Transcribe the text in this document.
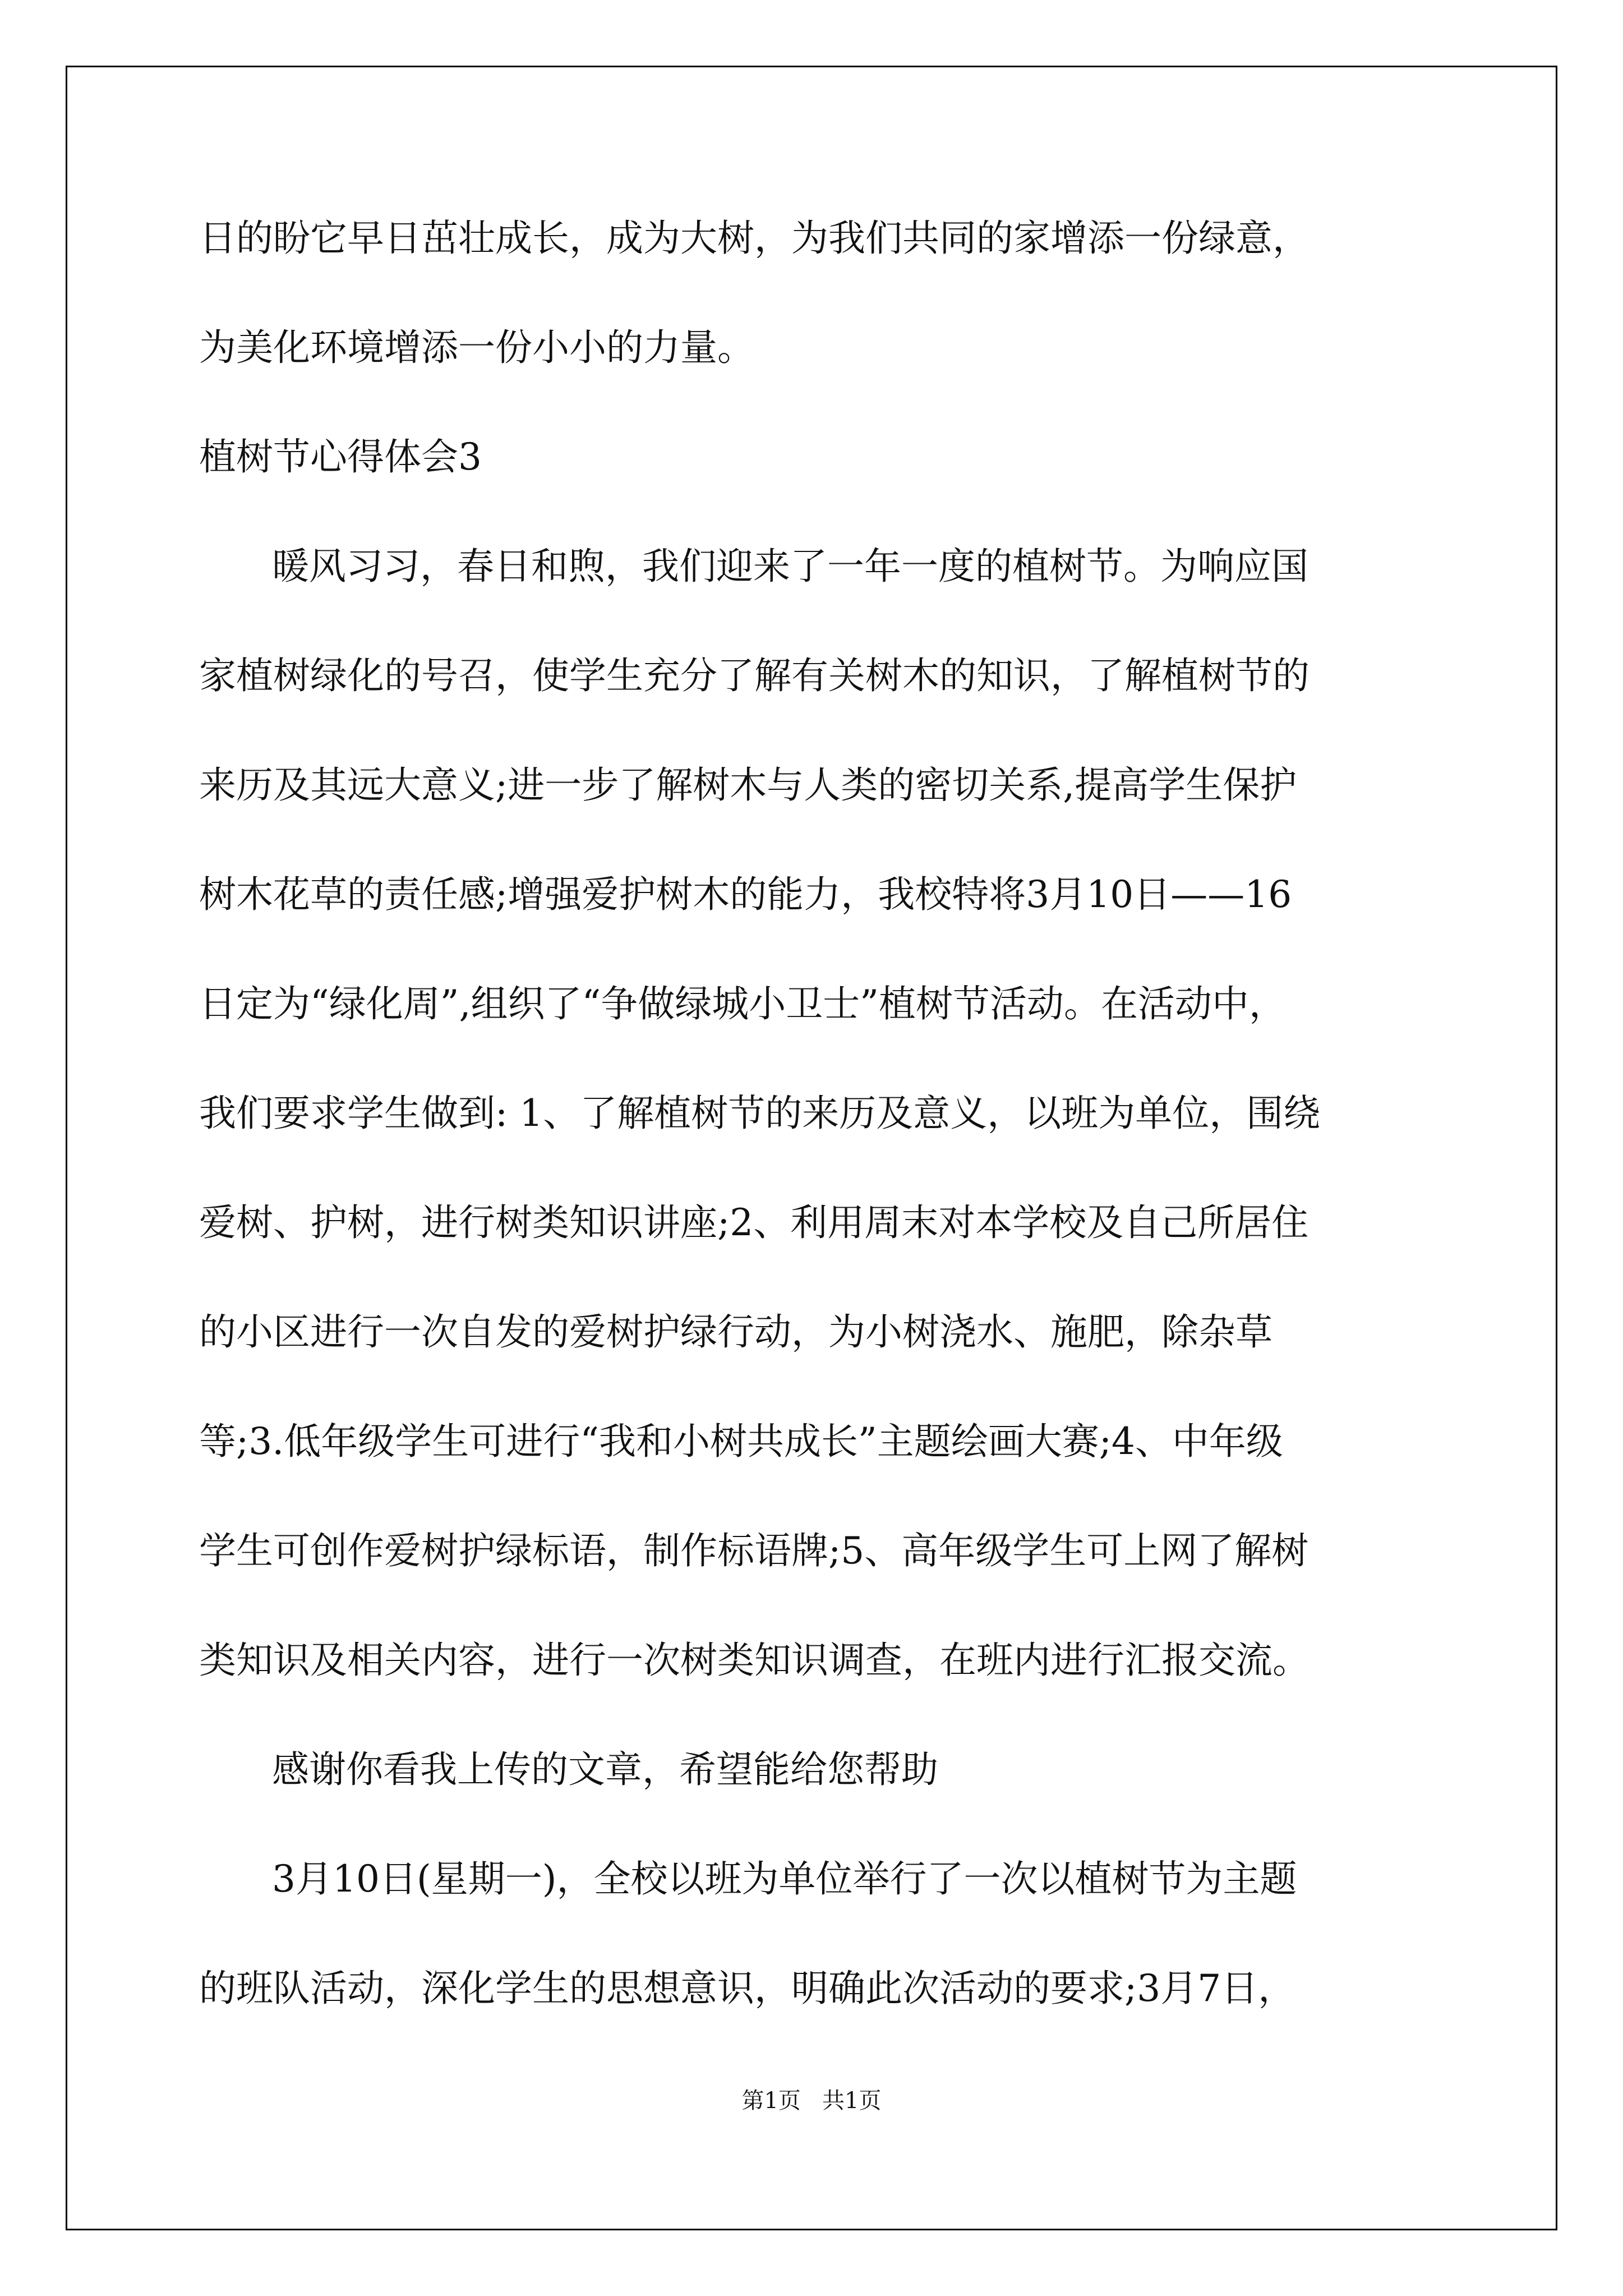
日的盼它早日茁壮成长，成为大树，为我们共同的家增添一份绿意，
为美化环境增添一份小小的力量。
植树节心得体会3
暖风习习，春日和煦，我们迎来了一年一度的植树节。为响应国
家植树绿化的号召，使学生充分了解有关树木的知识，了解植树节的
来历及其远大意义;进一步了解树木与人类的密切关系,提高学生保护
树木花草的责任感;增强爱护树木的能力，我校特将3月10日——16
日定为“绿化周”,组织了“争做绿城小卫士”植树节活动。在活动中，
我们要求学生做到: 1、了解植树节的来历及意义，以班为单位，围绕
爱树、护树，进行树类知识讲座;2、利用周末对本学校及自己所居住
的小区进行一次自发的爱树护绿行动，为小树浇水、施肥，除杂草
等;3.低年级学生可进行“我和小树共成长”主题绘画大赛;4、中年级
学生可创作爱树护绿标语，制作标语牌;5、高年级学生可上网了解树
类知识及相关内容，进行一次树类知识调查，在班内进行汇报交流。
感谢你看我上传的文章，希望能给您帮助
3月10日(星期一)，全校以班为单位举行了一次以植树节为主题
的班队活动，深化学生的思想意识，明确此次活动的要求;3月7日，
第1页   共1页
